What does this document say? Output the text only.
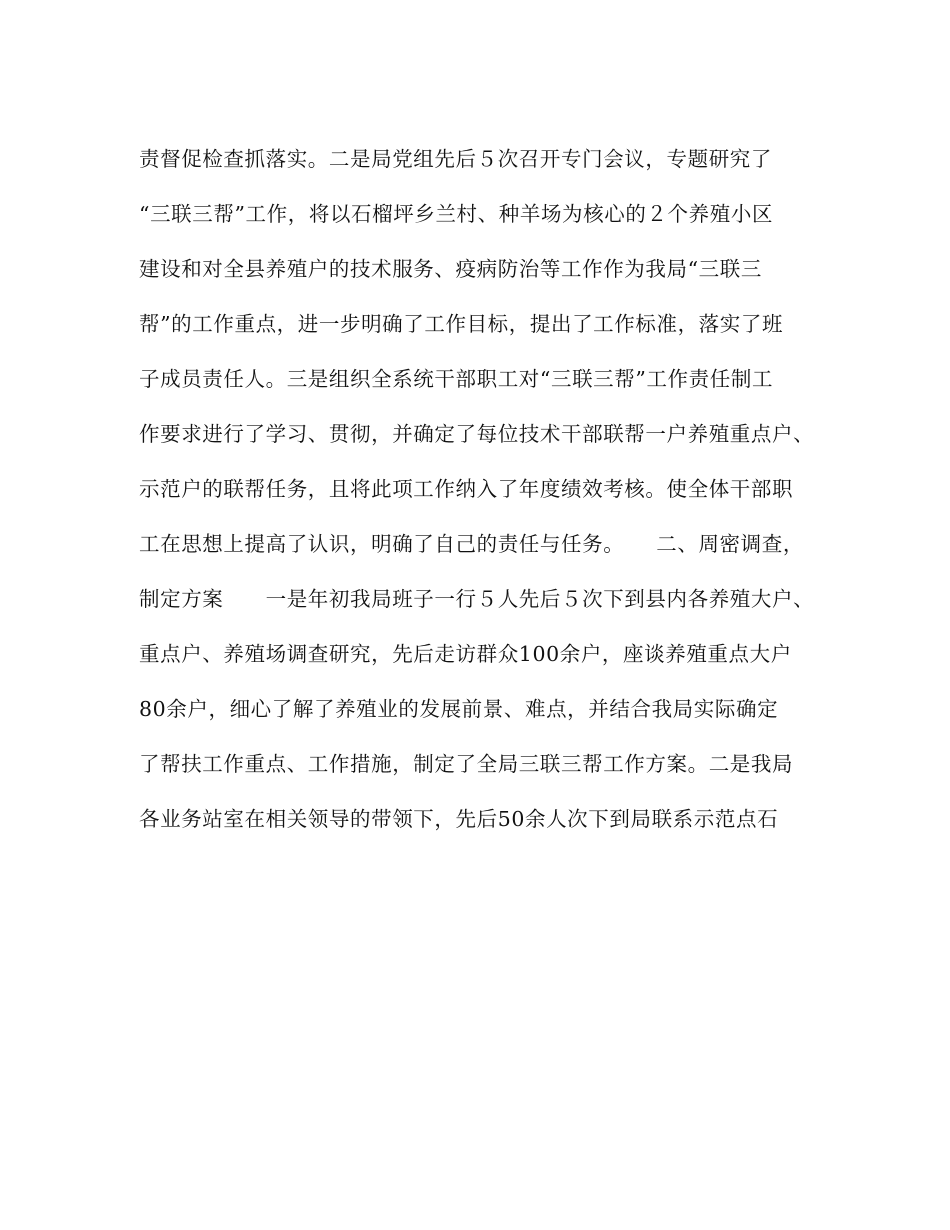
责督促检查抓落实。二是局党组先后５次召开专门会议，专题研究了
“三联三帮”工作，将以石榴坪乡兰村、种羊场为核心的２个养殖小区
建设和对全县养殖户的技术服务、疫病防治等工作作为我局“三联三
帮”的工作重点，进一步明确了工作目标，提出了工作标准，落实了班
子成员责任人。三是组织全系统干部职工对“三联三帮”工作责任制工
作要求进行了学习、贯彻，并确定了每位技术干部联帮一户养殖重点户、
示范户的联帮任务，且将此项工作纳入了年度绩效考核。使全体干部职
工在思想上提高了认识，明确了自己的责任与任务。　　二、周密调查，
制定方案　　一是年初我局班子一行５人先后５次下到县内各养殖大户、
重点户、养殖场调查研究，先后走访群众100余户，座谈养殖重点大户
80余户，细心了解了养殖业的发展前景、难点，并结合我局实际确定
了帮扶工作重点、工作措施，制定了全局三联三帮工作方案。二是我局
各业务站室在相关领导的带领下，先后50余人次下到局联系示范点石
